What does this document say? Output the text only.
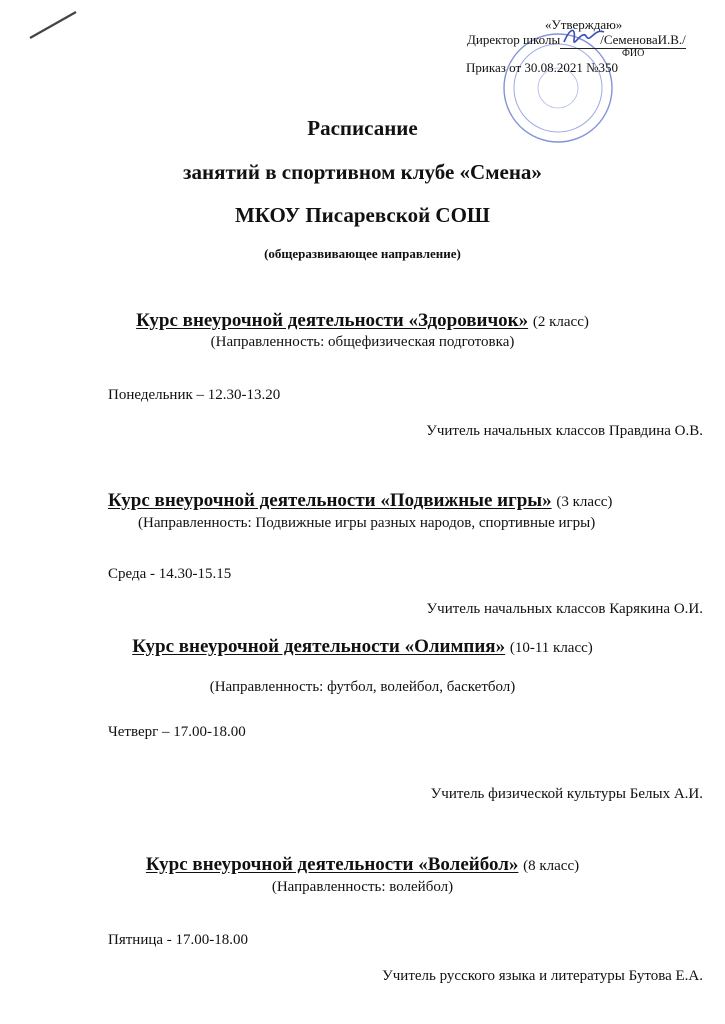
«Утверждаю»
Директор школы	/СеменоваИ.В./
ФИО
Приказ от 30.08.2021 №350
Расписание
занятий в спортивном клубе «Смена»
МКОУ Писаревской СОШ
(общеразвивающее направление)
Курс внеурочной деятельности «Здоровичок» (2 класс)
(Направленность: общефизическая подготовка)
Понедельник – 12.30-13.20
Учитель начальных классов Правдина О.В.
Курс внеурочной деятельности «Подвижные игры» (3 класс)
(Направленность: Подвижные игры разных народов, спортивные игры)
Среда - 14.30-15.15
Учитель начальных классов Карякина О.И.
Курс внеурочной деятельности «Олимпия» (10-11 класс)
(Направленность: футбол, волейбол, баскетбол)
Четверг – 17.00-18.00
Учитель физической культуры Белых А.И.
Курс внеурочной деятельности «Волейбол» (8 класс)
(Направленность: волейбол)
Пятница - 17.00-18.00
Учитель русского языка и литературы Бутова Е.А.
